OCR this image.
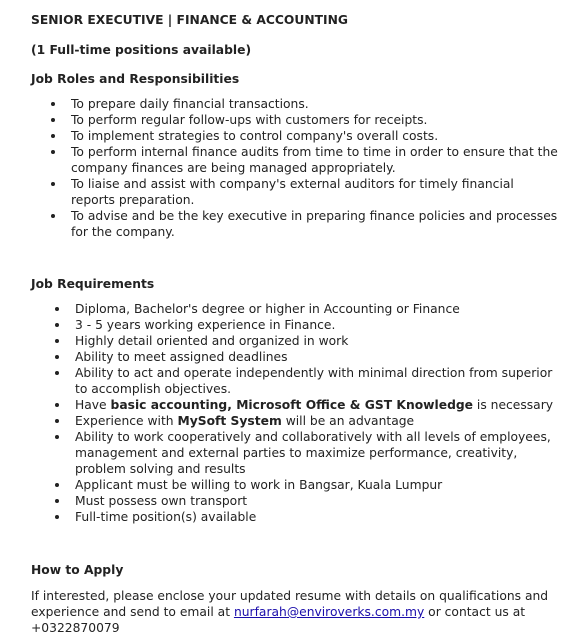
SENIOR EXECUTIVE | FINANCE & ACCOUNTING

(1 Full-time positions available)

Job Roles and Responsibilities

To prepare daily financial transactions.
To perform regular follow-ups with customers for receipts.
To implement strategies to control company's overall costs.
To perform internal finance audits from time to time in order to ensure that the company finances are being managed appropriately.
To liaise and assist with company's external auditors for timely financial reports preparation.
To advise and be the key executive in preparing finance policies and processes for the company.

Job Requirements

Diploma, Bachelor's degree or higher in Accounting or Finance
3 - 5 years working experience in Finance.
Highly detail oriented and organized in work
Ability to meet assigned deadlines
Ability to act and operate independently with minimal direction from superior to accomplish objectives.
Have basic accounting, Microsoft Office & GST Knowledge is necessary
Experience with MySoft System will be an advantage
Ability to work cooperatively and collaboratively with all levels of employees, management and external parties to maximize performance, creativity, problem solving and results
Applicant must be willing to work in Bangsar, Kuala Lumpur
Must possess own transport
Full-time position(s) available

How to Apply

If interested, please enclose your updated resume with details on qualifications and experience and send to email at nurfarah@enviroverks.com.my or contact us at +0322870079
